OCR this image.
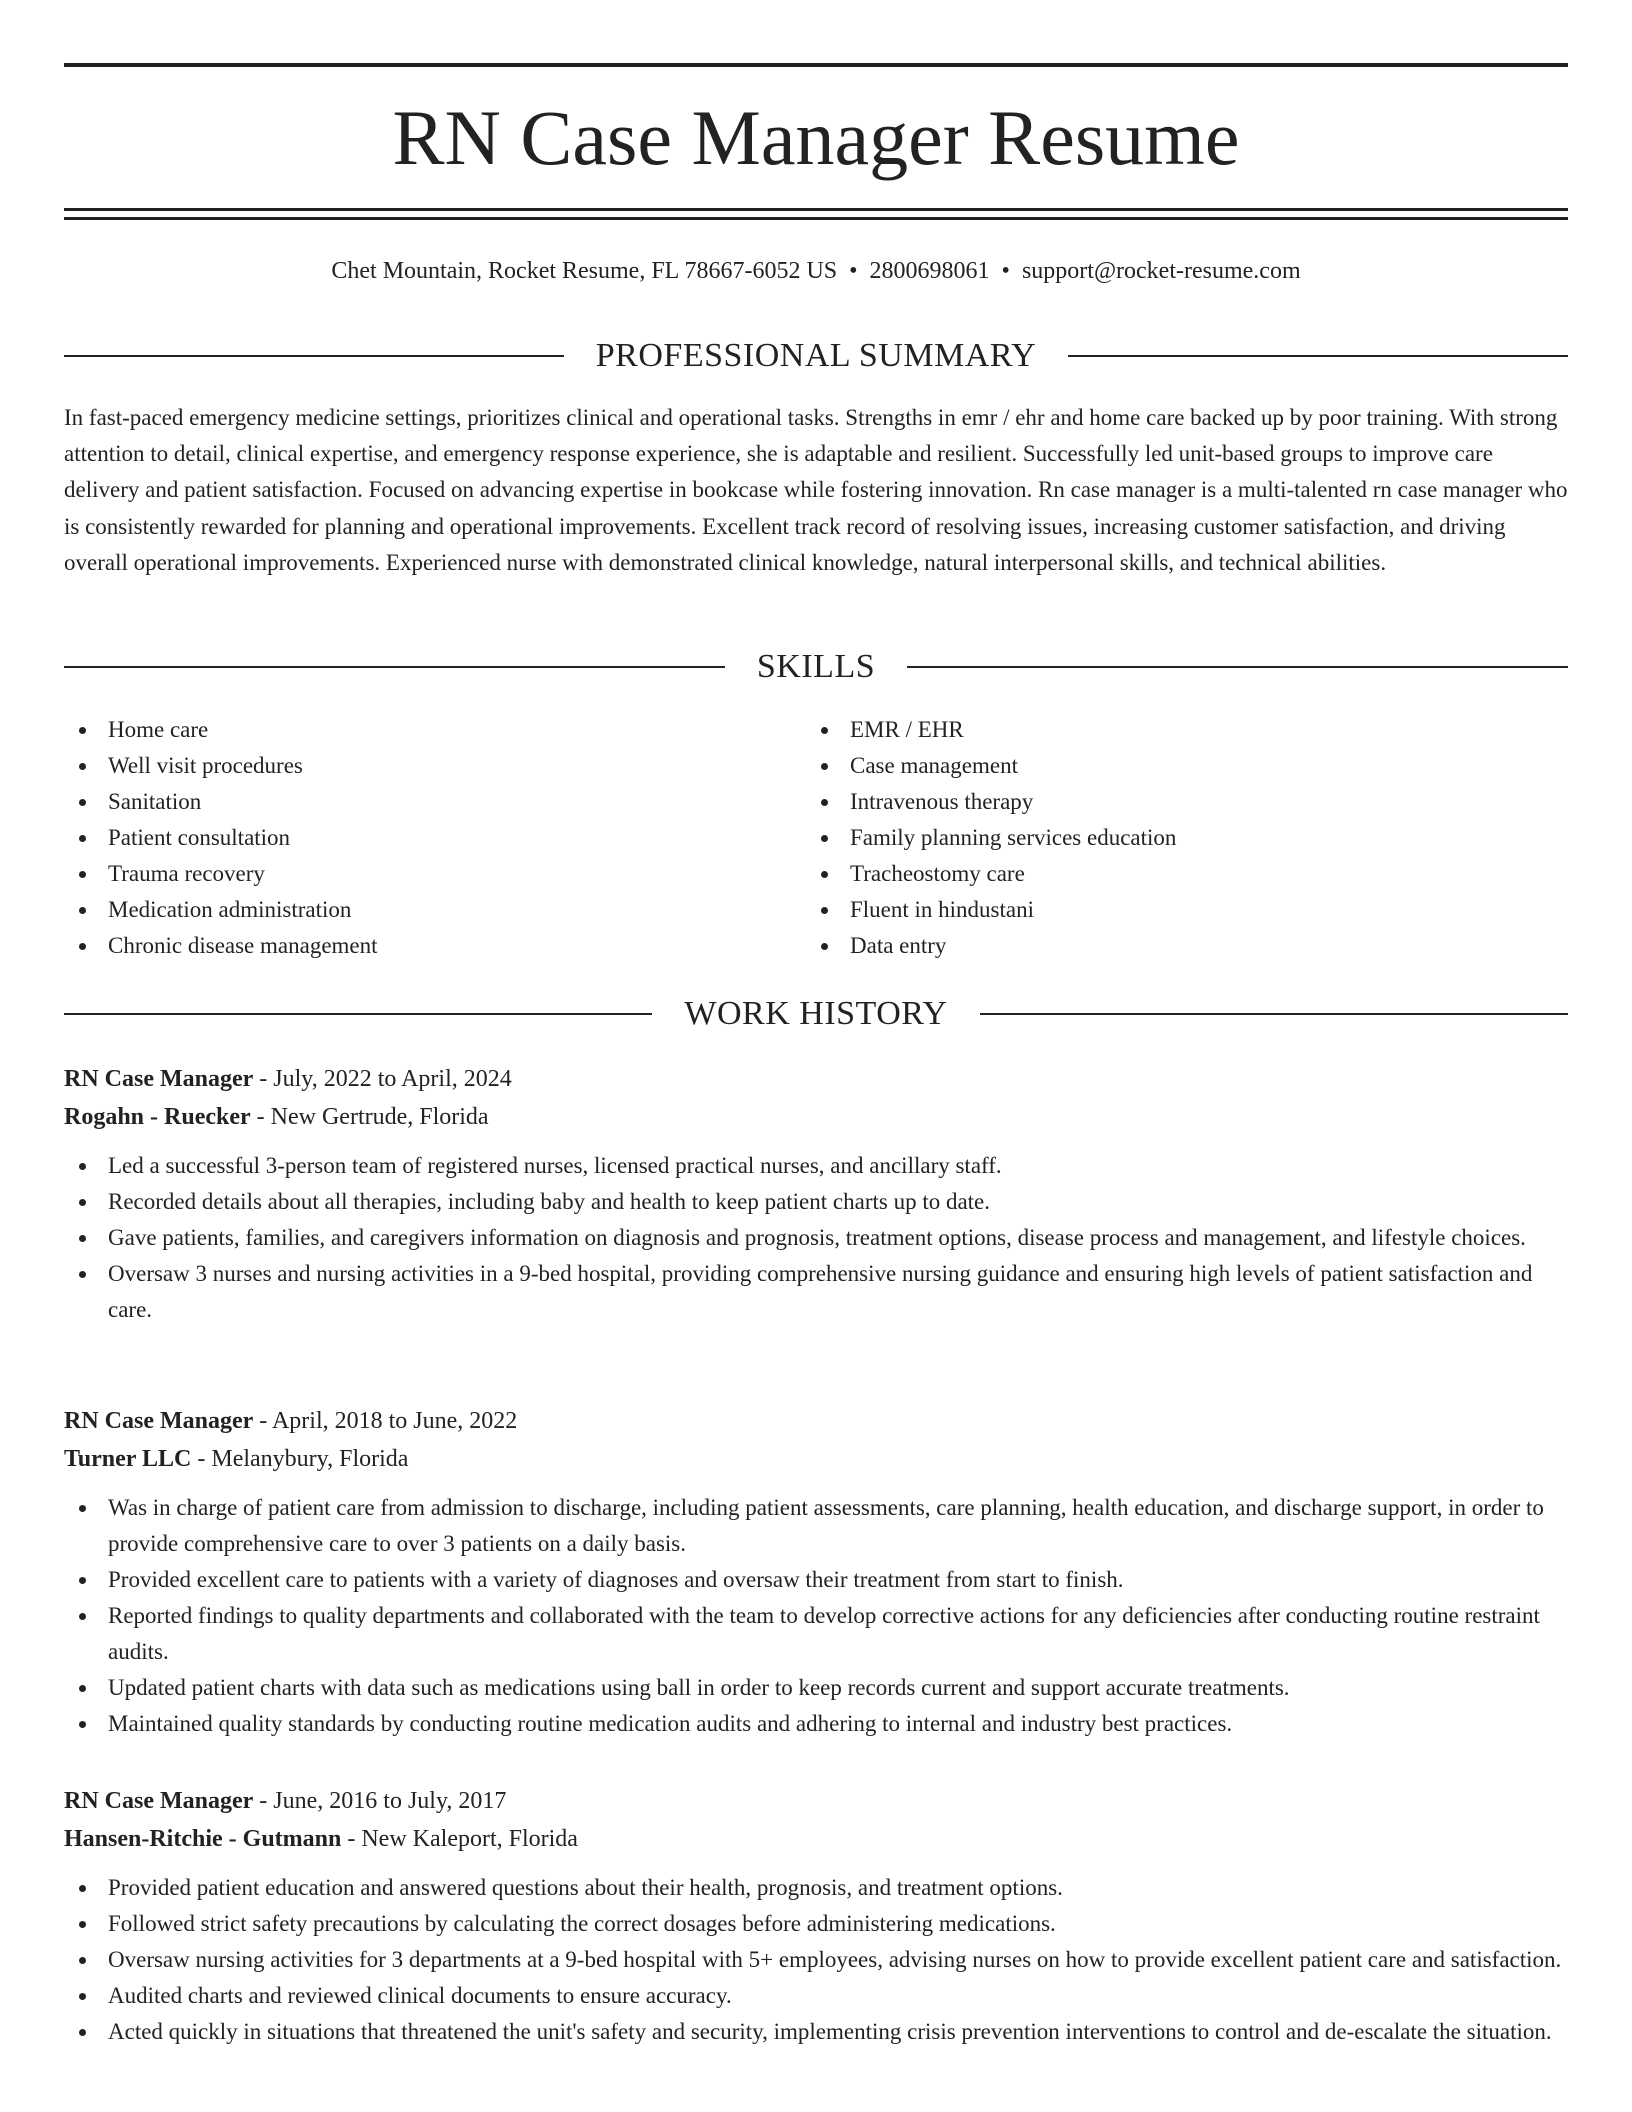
RN Case Manager Resume
Chet Mountain, Rocket Resume, FL 78667-6052 US • 2800698061 • support@rocket-resume.com
PROFESSIONAL SUMMARY

In fast-paced emergency medicine settings, prioritizes clinical and operational tasks. Strengths in emr / ehr and home care backed up by poor training. With strong attention to detail, clinical expertise, and emergency response experience, she is adaptable and resilient. Successfully led unit-based groups to improve care delivery and patient satisfaction. Focused on advancing expertise in bookcase while fostering innovation. Rn case manager is a multi-talented rn case manager who is consistently rewarded for planning and operational improvements. Excellent track record of resolving issues, increasing customer satisfaction, and driving overall operational improvements. Experienced nurse with demonstrated clinical knowledge, natural interpersonal skills, and technical abilities.

SKILLS
Home care
Well visit procedures
Sanitation
Patient consultation
Trauma recovery
Medication administration
Chronic disease management
EMR / EHR
Case management
Intravenous therapy
Family planning services education
Tracheostomy care
Fluent in hindustani
Data entry
WORK HISTORY
RN Case Manager - July, 2022 to April, 2024
Rogahn - Ruecker - New Gertrude, Florida
Led a successful 3-person team of registered nurses, licensed practical nurses, and ancillary staff.
Recorded details about all therapies, including baby and health to keep patient charts up to date.
Gave patients, families, and caregivers information on diagnosis and prognosis, treatment options, disease process and management, and lifestyle choices.
Oversaw 3 nurses and nursing activities in a 9-bed hospital, providing comprehensive nursing guidance and ensuring high levels of patient satisfaction and care.
RN Case Manager - April, 2018 to June, 2022
Turner LLC - Melanybury, Florida
Was in charge of patient care from admission to discharge, including patient assessments, care planning, health education, and discharge support, in order to provide comprehensive care to over 3 patients on a daily basis.
Provided excellent care to patients with a variety of diagnoses and oversaw their treatment from start to finish.
Reported findings to quality departments and collaborated with the team to develop corrective actions for any deficiencies after conducting routine restraint audits.
Updated patient charts with data such as medications using ball in order to keep records current and support accurate treatments.
Maintained quality standards by conducting routine medication audits and adhering to internal and industry best practices.
RN Case Manager - June, 2016 to July, 2017
Hansen-Ritchie - Gutmann - New Kaleport, Florida
Provided patient education and answered questions about their health, prognosis, and treatment options.
Followed strict safety precautions by calculating the correct dosages before administering medications.
Oversaw nursing activities for 3 departments at a 9-bed hospital with 5+ employees, advising nurses on how to provide excellent patient care and satisfaction.
Audited charts and reviewed clinical documents to ensure accuracy.
Acted quickly in situations that threatened the unit's safety and security, implementing crisis prevention interventions to control and de-escalate the situation.
